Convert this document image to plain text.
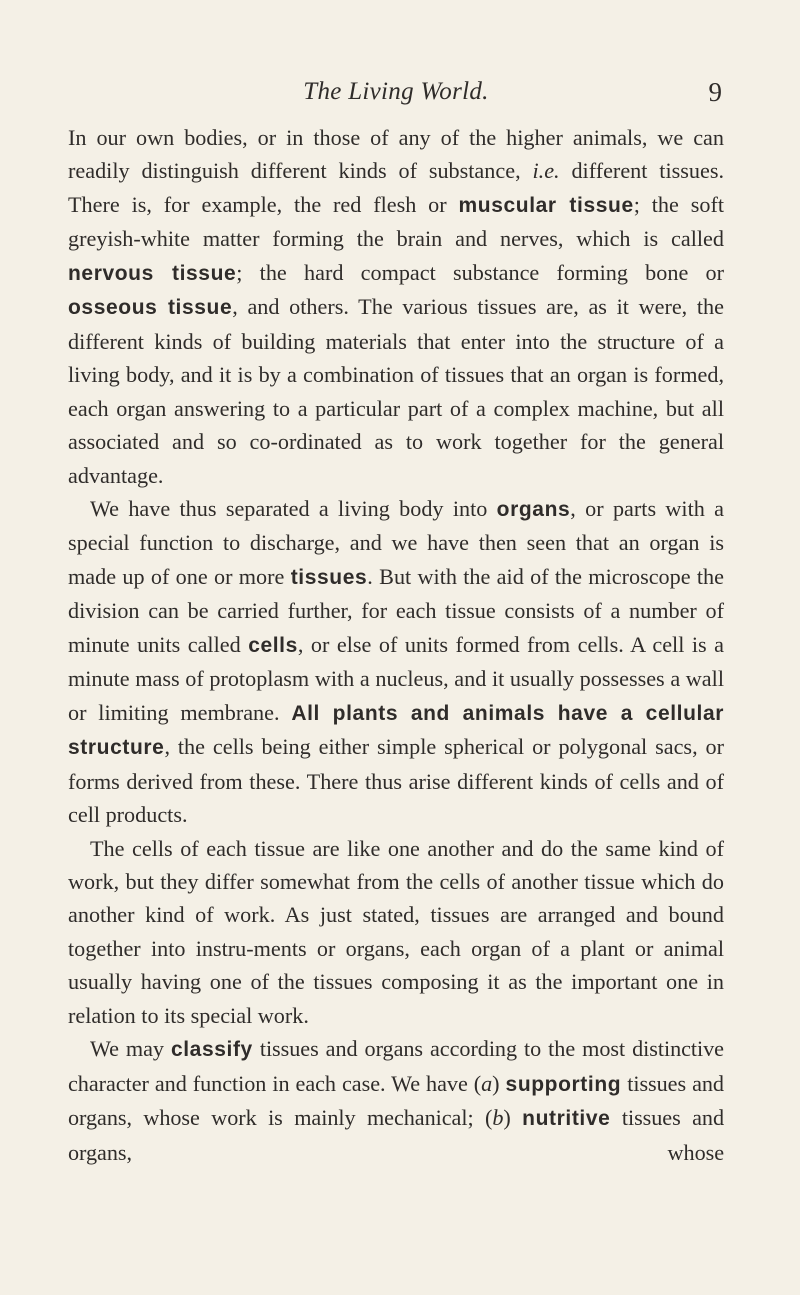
The Living World.	9

In our own bodies, or in those of any of the higher animals, we can readily distinguish different kinds of substance, i.e. different tissues. There is, for example, the red flesh or muscular tissue; the soft greyish-white matter forming the brain and nerves, which is called nervous tissue; the hard compact substance forming bone or osseous tissue, and others. The various tissues are, as it were, the different kinds of building materials that enter into the structure of a living body, and it is by a combination of tissues that an organ is formed, each organ answering to a particular part of a complex machine, but all associated and so co-ordinated as to work together for the general advantage.

We have thus separated a living body into organs, or parts with a special function to discharge, and we have then seen that an organ is made up of one or more tissues. But with the aid of the microscope the division can be carried further, for each tissue consists of a number of minute units called cells, or else of units formed from cells. A cell is a minute mass of protoplasm with a nucleus, and it usually possesses a wall or limiting membrane. All plants and animals have a cellular structure, the cells being either simple spherical or polygonal sacs, or forms derived from these. There thus arise different kinds of cells and of cell products.

The cells of each tissue are like one another and do the same kind of work, but they differ somewhat from the cells of another tissue which do another kind of work. As just stated, tissues are arranged and bound together into instru-ments or organs, each organ of a plant or animal usually having one of the tissues composing it as the important one in relation to its special work.

We may classify tissues and organs according to the most distinctive character and function in each case. We have (a) supporting tissues and organs, whose work is mainly mechanical; (b) nutritive tissues and organs, whose
